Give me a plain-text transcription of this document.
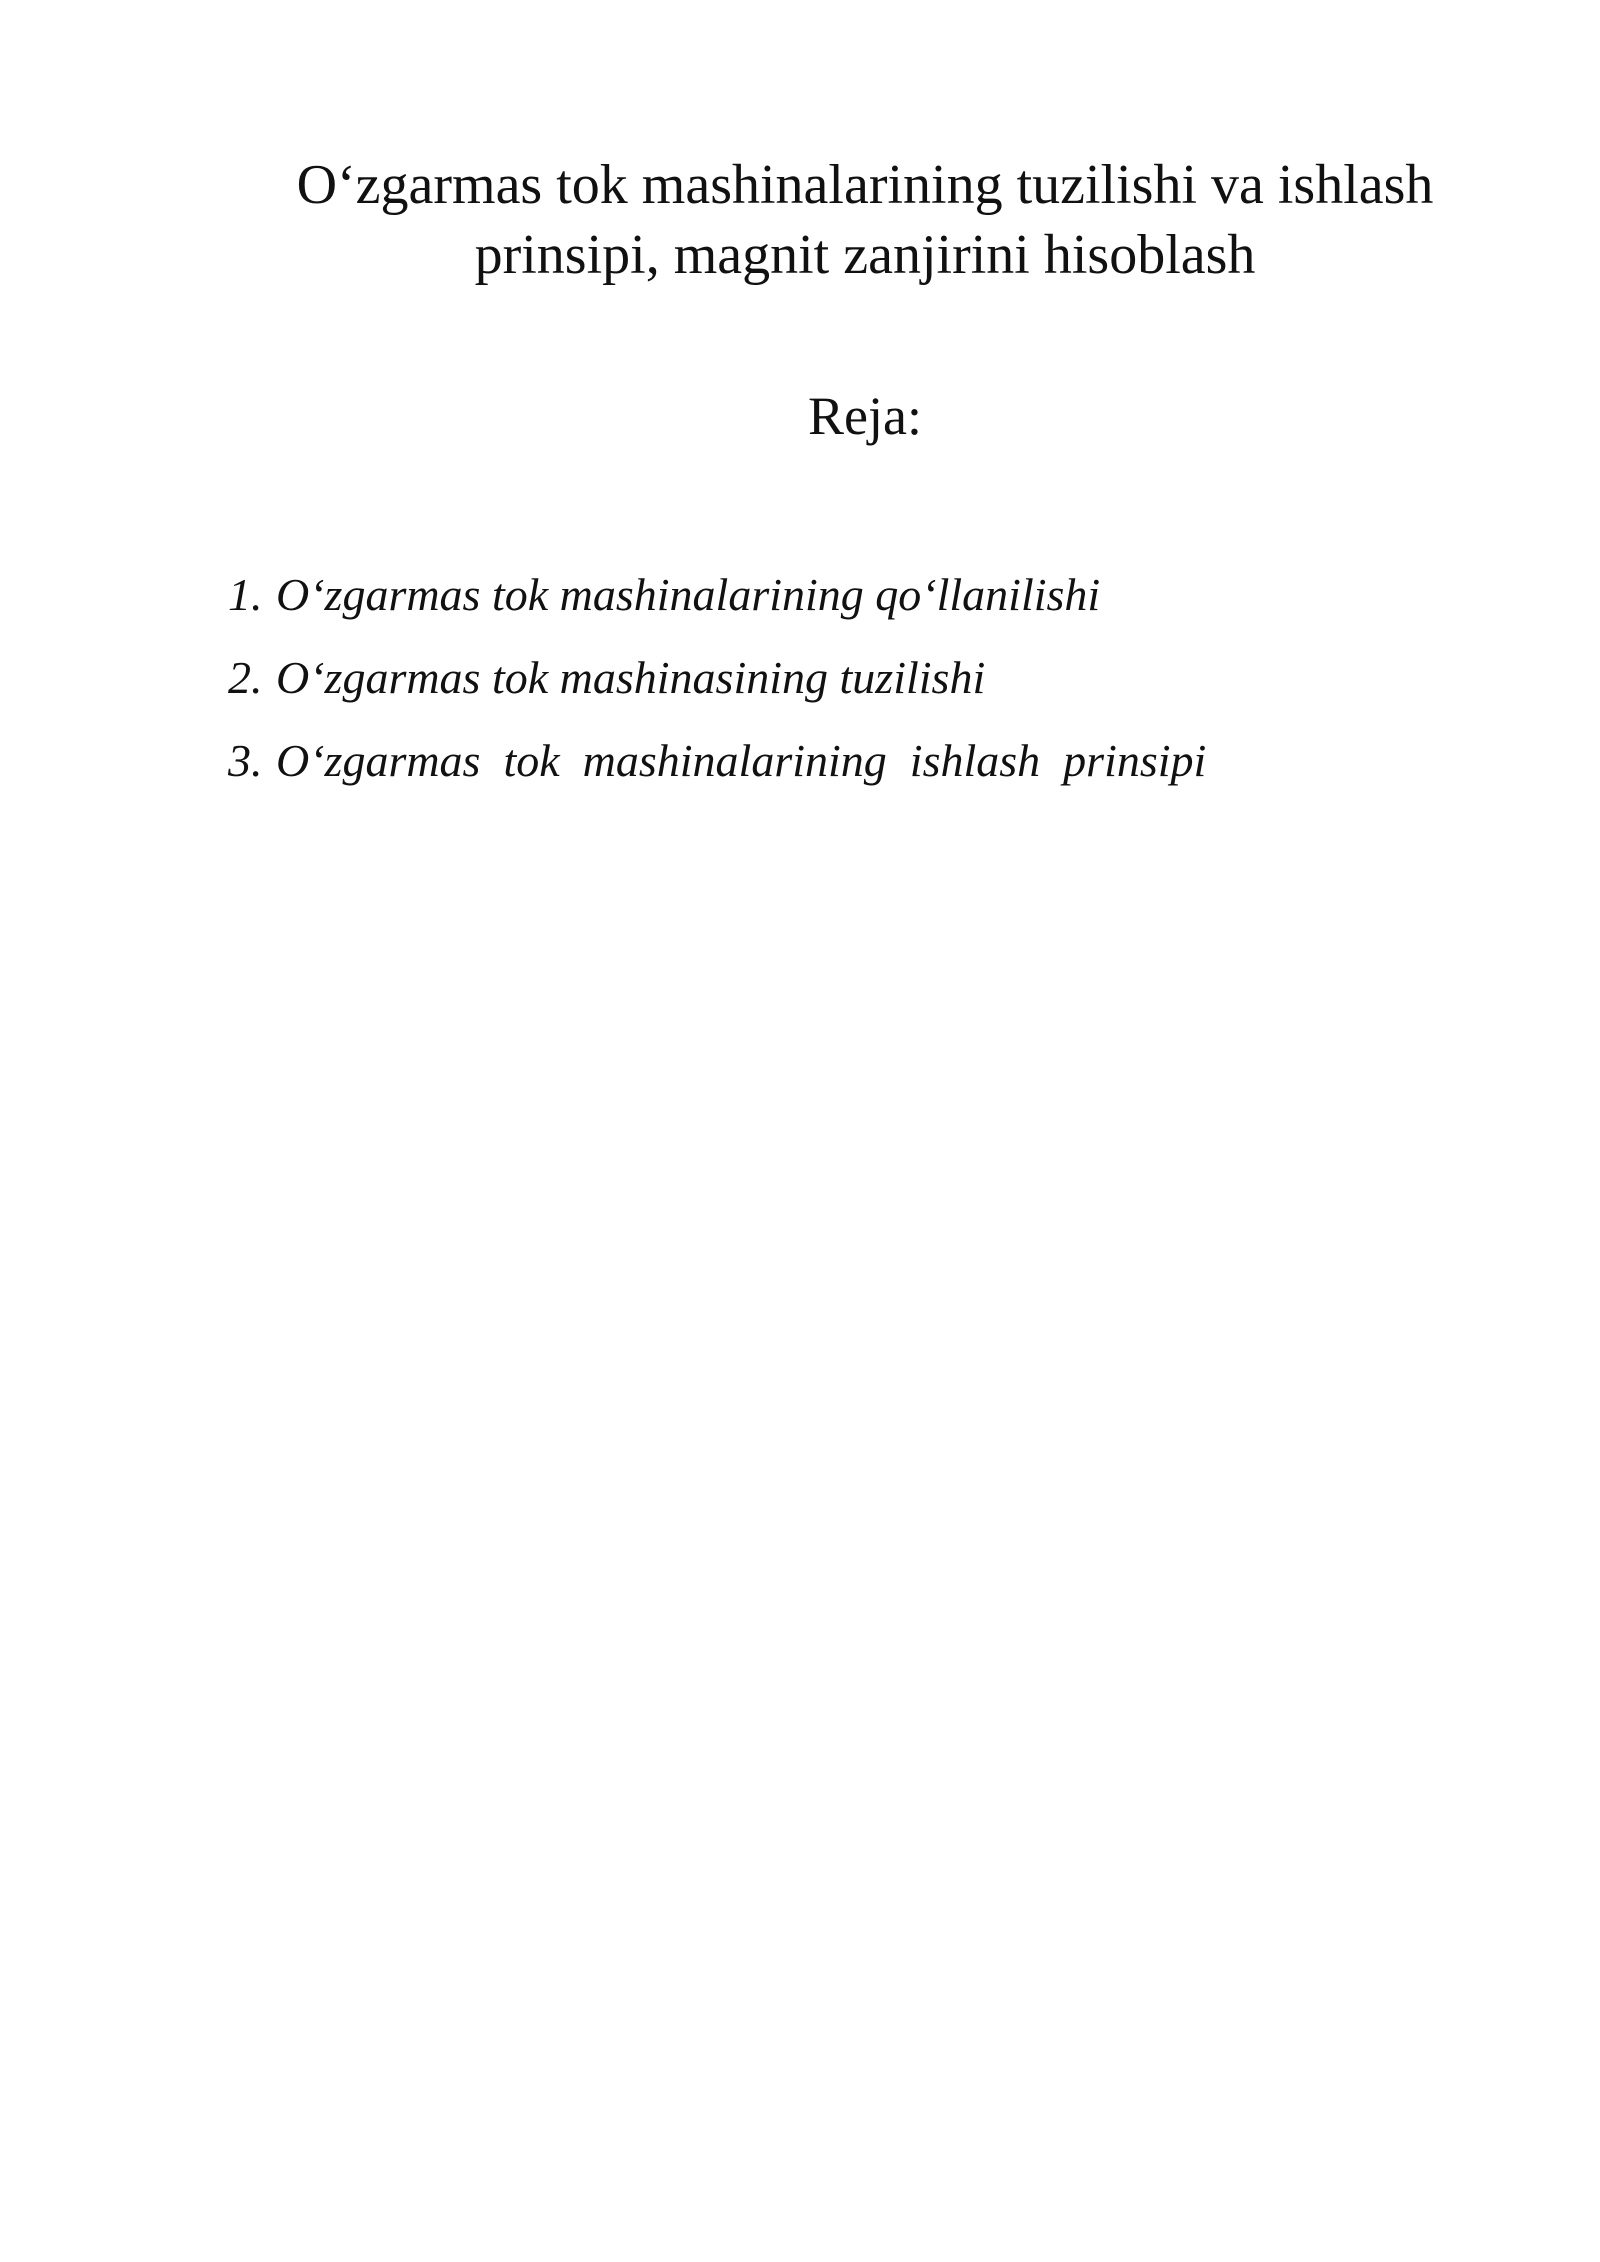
O‘zgarmas tok mashinalarining tuzilishi va ishlash
prinsipi, magnit zanjirini hisoblash
Reja:
1. O‘zgarmas tok mashinalarining qo‘llanilishi
2. O‘zgarmas tok mashinasining tuzilishi
3. O‘zgarmas  tok  mashinalarining  ishlash  prinsipi
